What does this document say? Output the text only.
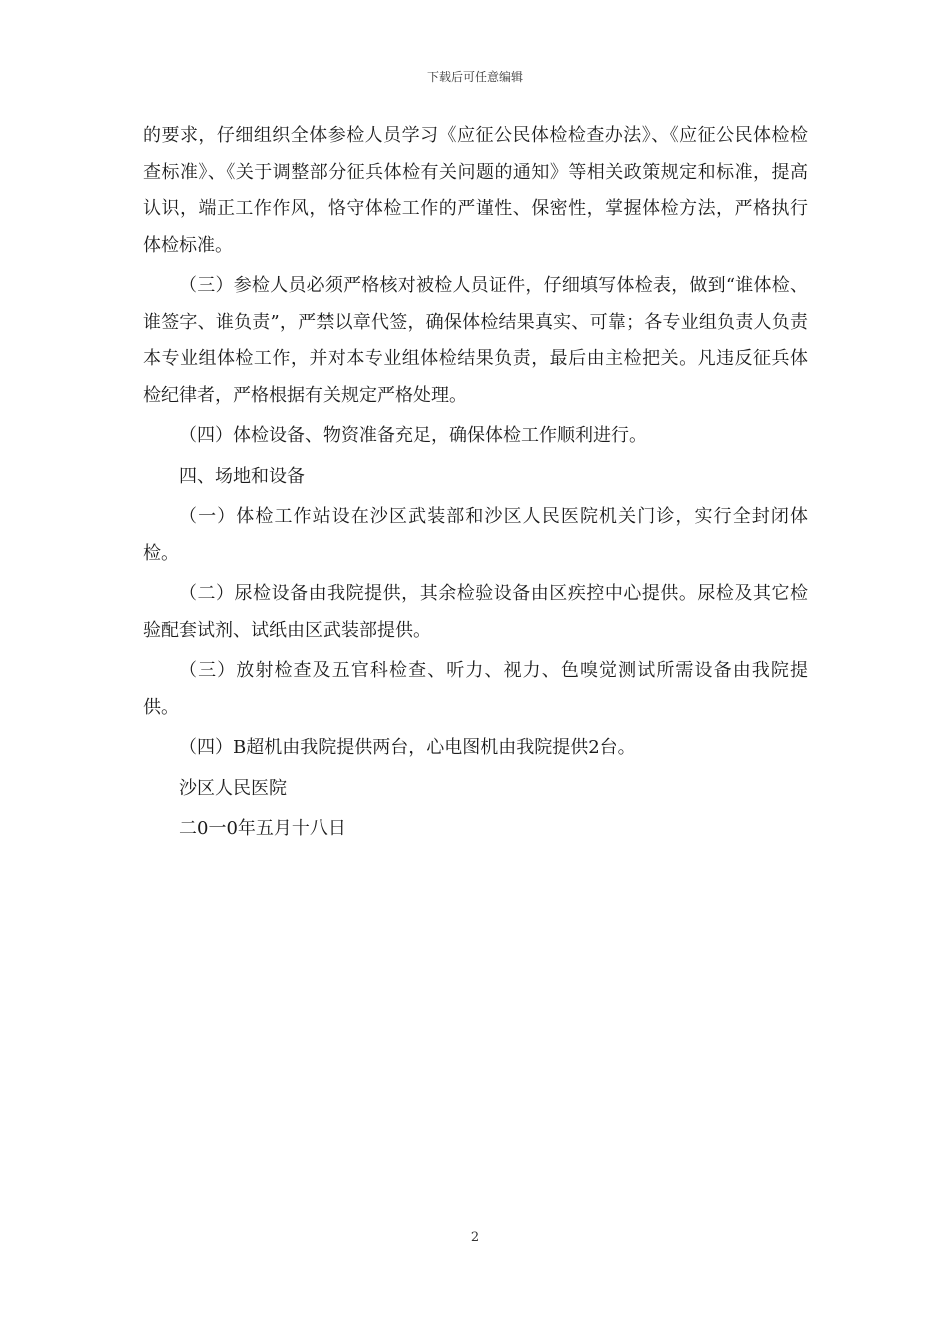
下载后可任意编辑

的要求，仔细组织全体参检人员学习《应征公民体检检查办法》、《应征公民体检检查标准》、《关于调整部分征兵体检有关问题的通知》等相关政策规定和标准，提高认识，端正工作作风，恪守体检工作的严谨性、保密性，掌握体检方法，严格执行体检标准。

（三）参检人员必须严格核对被检人员证件，仔细填写体检表，做到“谁体检、谁签字、谁负责”，严禁以章代签，确保体检结果真实、可靠；各专业组负责人负责本专业组体检工作，并对本专业组体检结果负责，最后由主检把关。凡违反征兵体检纪律者，严格根据有关规定严格处理。

（四）体检设备、物资准备充足，确保体检工作顺利进行。

四、场地和设备

（一）体检工作站设在沙区武装部和沙区人民医院机关门诊，实行全封闭体检。

（二）尿检设备由我院提供，其余检验设备由区疾控中心提供。尿检及其它检验配套试剂、试纸由区武装部提供。

（三）放射检查及五官科检查、听力、视力、色嗅觉测试所需设备由我院提供。

（四）B超机由我院提供两台，心电图机由我院提供2台。

沙区人民医院

二0一0年五月十八日

2
